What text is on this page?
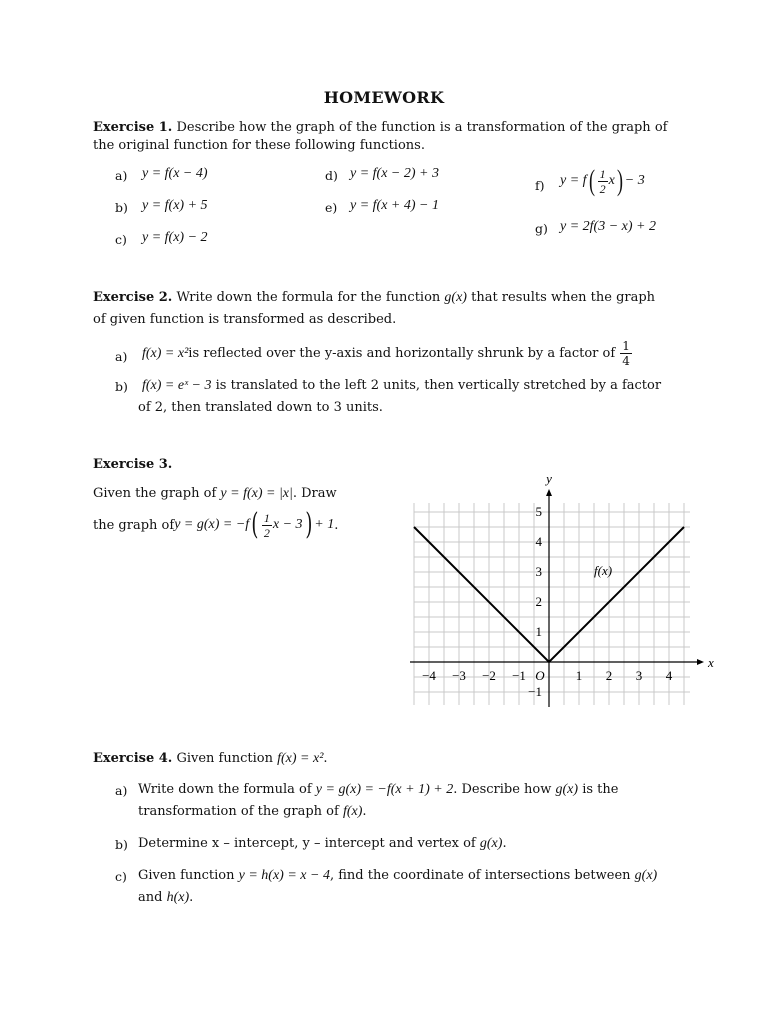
HOMEWORK
Exercise 1. Describe how the graph of the function is a transformation of the graph of
the original function for these following functions.
a) y = f(x − 4)
b) y = f(x) + 5
c) y = f(x) − 2
d) y = f(x − 2) + 3
e) y = f(x + 4) − 1
f) y = f ( $\frac{1}{2}$ x ) − 3
g) y = 2f(3 − x) + 2
Exercise 2. Write down the formula for the function g(x) that results when the graph
of given function is transformed as described.
a) f(x) = x² is reflected over the y-axis and horizontally shrunk by a factor of
$\frac{1}{4}$
b) f(x) = eˣ − 3 is translated to the left 2 units, then vertically stretched by a factor
of 2, then translated down to 3 units.
Exercise 3.
Given the graph of y = f(x) = |x|. Draw
the graph of y = g(x) = −f ( $\frac{1}{2}$ x − 3 ) + 1 .
−4 −3 −2 −1	1 2 3 4
5
4
3
2
1
−1
x
y
O
f(x)
Exercise 4. Given function f(x) = x².
a) Write down the formula of y = g(x) = −f(x + 1) + 2. Describe how g(x) is the
transformation of the graph of f(x).
b) Determine x – intercept, y – intercept and vertex of g(x).
c) Given function y = h(x) = x − 4, find the coordinate of intersections between g(x)
and h(x).
